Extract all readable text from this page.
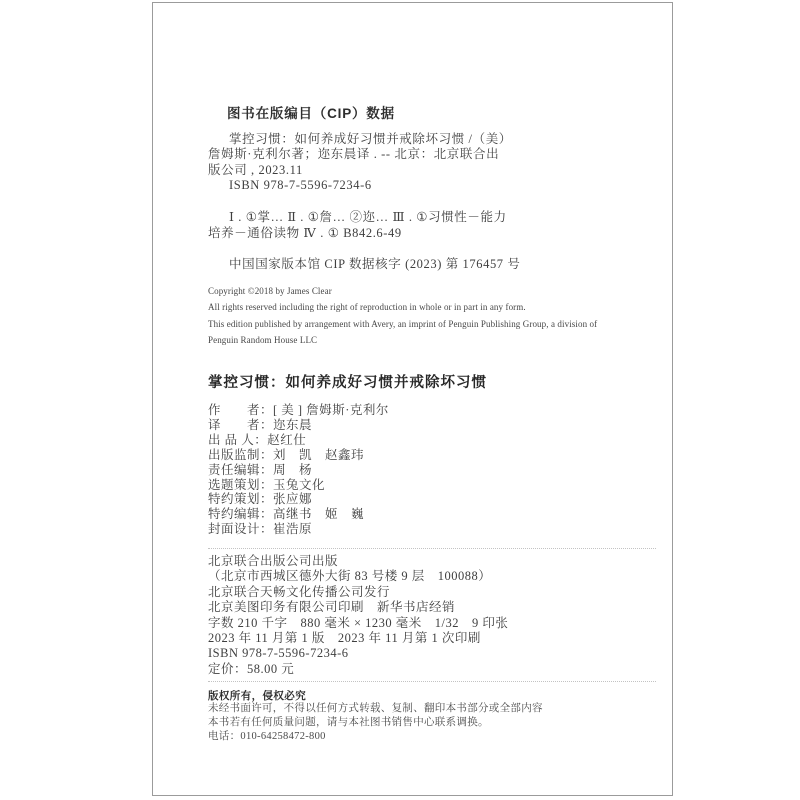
图书在版编目（CIP）数据
掌控习惯：如何养成好习惯并戒除坏习惯 /（美）
詹姆斯·克利尔著；迩东晨译 . -- 北京：北京联合出
版公司 , 2023.11
ISBN 978-7-5596-7234-6
Ⅰ . ①掌… Ⅱ . ①詹… ②迩… Ⅲ . ①习惯性－能力
培养－通俗读物 Ⅳ . ① B842.6-49
中国国家版本馆 CIP 数据核字 (2023) 第 176457 号
Copyright ©2018 by James Clear
All rights reserved including the right of reproduction in whole or in part in any form.
This edition published by arrangement with Avery, an imprint of Penguin Publishing Group, a division of
Penguin Random House LLC
掌控习惯：如何养成好习惯并戒除坏习惯
作　　者：[ 美 ] 詹姆斯·克利尔
译　　者：迩东晨
出 品 人：赵红仕
出版监制：刘　凯　赵鑫玮
责任编辑：周　杨
选题策划：玉兔文化
特约策划：张应娜
特约编辑：高继书　姬　巍
封面设计：崔浩原
北京联合出版公司出版
（北京市西城区德外大街 83 号楼 9 层　100088）
北京联合天畅文化传播公司发行
北京美图印务有限公司印刷　新华书店经销
字数 210 千字　880 毫米 × 1230 毫米　1/32　9 印张
2023 年 11 月第 1 版　2023 年 11 月第 1 次印刷
ISBN 978-7-5596-7234-6
定价：58.00 元
版权所有，侵权必究
未经书面许可，不得以任何方式转载、复制、翻印本书部分或全部内容
本书若有任何质量问题，请与本社图书销售中心联系调换。
电话：010-64258472-800
